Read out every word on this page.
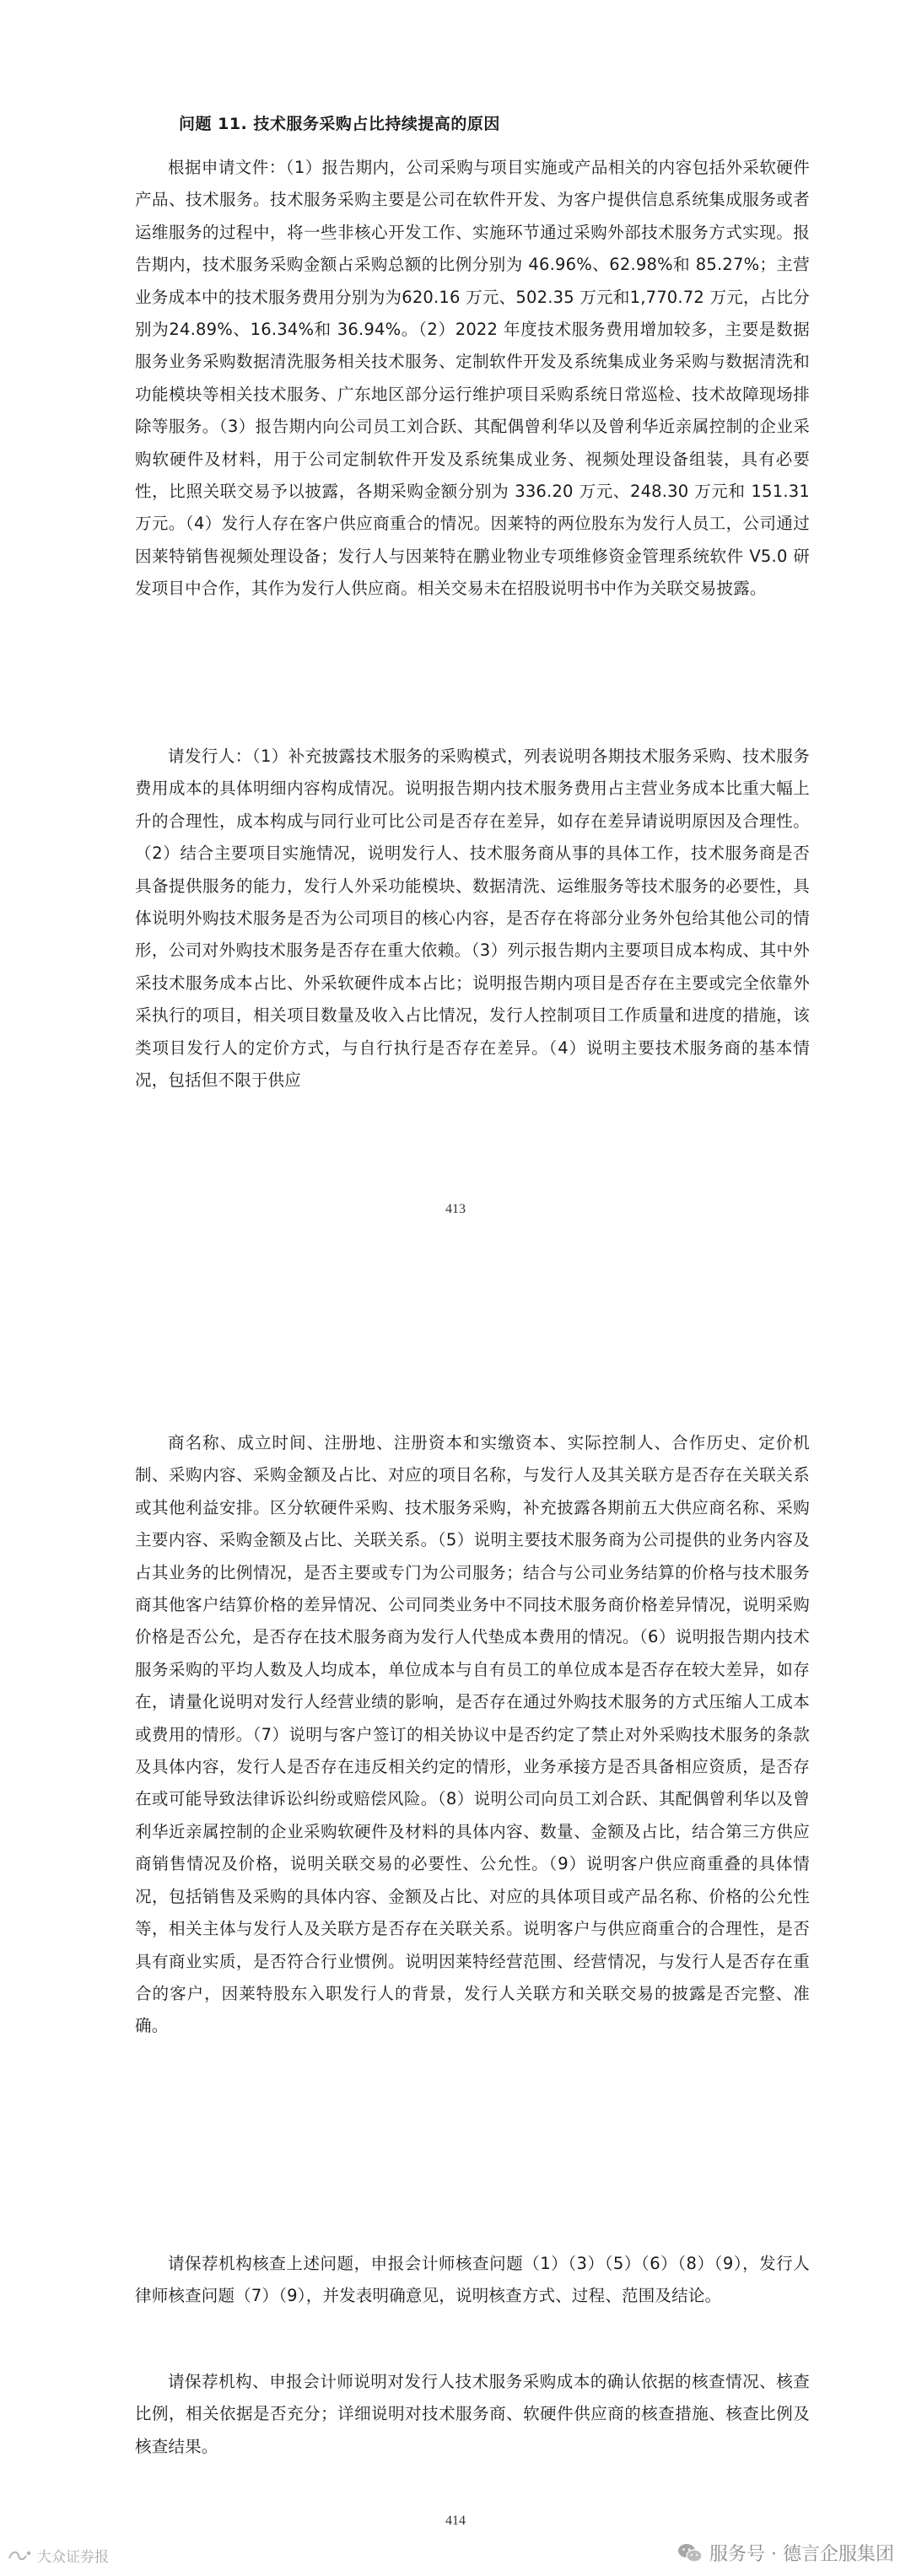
问题 11. 技术服务采购占比持续提高的原因

根据申请文件：（1）报告期内，公司采购与项目实施或产品相关的内容包括外采软硬件产品、技术服务。技术服务采购主要是公司在软件开发、为客户提供信息系统集成服务或者运维服务的过程中，将一些非核心开发工作、实施环节通过采购外部技术服务方式实现。报告期内，技术服务采购金额占采购总额的比例分别为 46.96%、62.98%和 85.27%；主营业务成本中的技术服务费用分别为为620.16 万元、502.35 万元和1,770.72 万元，占比分别为24.89%、16.34%和 36.94%。（2）2022 年度技术服务费用增加较多，主要是数据服务业务采购数据清洗服务相关技术服务、定制软件开发及系统集成业务采购与数据清洗和功能模块等相关技术服务、广东地区部分运行维护项目采购系统日常巡检、技术故障现场排除等服务。（3）报告期内向公司员工刘合跃、其配偶曾利华以及曾利华近亲属控制的企业采购软硬件及材料，用于公司定制软件开发及系统集成业务、视频处理设备组装，具有必要性，比照关联交易予以披露，各期采购金额分别为 336.20 万元、248.30 万元和 151.31 万元。（4）发行人存在客户供应商重合的情况。因莱特的两位股东为发行人员工，公司通过因莱特销售视频处理设备；发行人与因莱特在鹏业物业专项维修资金管理系统软件 V5.0 研发项目中合作，其作为发行人供应商。相关交易未在招股说明书中作为关联交易披露。

请发行人：（1）补充披露技术服务的采购模式，列表说明各期技术服务采购、技术服务费用成本的具体明细内容构成情况。说明报告期内技术服务费用占主营业务成本比重大幅上升的合理性，成本构成与同行业可比公司是否存在差异，如存在差异请说明原因及合理性。（2）结合主要项目实施情况，说明发行人、技术服务商从事的具体工作，技术服务商是否具备提供服务的能力，发行人外采功能模块、数据清洗、运维服务等技术服务的必要性，具体说明外购技术服务是否为公司项目的核心内容，是否存在将部分业务外包给其他公司的情形，公司对外购技术服务是否存在重大依赖。（3）列示报告期内主要项目成本构成、其中外采技术服务成本占比、外采软硬件成本占比；说明报告期内项目是否存在主要或完全依靠外采执行的项目，相关项目数量及收入占比情况，发行人控制项目工作质量和进度的措施，该类项目发行人的定价方式，与自行执行是否存在差异。（4）说明主要技术服务商的基本情况，包括但不限于供应

413

商名称、成立时间、注册地、注册资本和实缴资本、实际控制人、合作历史、定价机制、采购内容、采购金额及占比、对应的项目名称，与发行人及其关联方是否存在关联关系或其他利益安排。区分软硬件采购、技术服务采购，补充披露各期前五大供应商名称、采购主要内容、采购金额及占比、关联关系。（5）说明主要技术服务商为公司提供的业务内容及占其业务的比例情况，是否主要或专门为公司服务；结合与公司业务结算的价格与技术服务商其他客户结算价格的差异情况、公司同类业务中不同技术服务商价格差异情况，说明采购价格是否公允，是否存在技术服务商为发行人代垫成本费用的情况。（6）说明报告期内技术服务采购的平均人数及人均成本，单位成本与自有员工的单位成本是否存在较大差异，如存在，请量化说明对发行人经营业绩的影响，是否存在通过外购技术服务的方式压缩人工成本或费用的情形。（7）说明与客户签订的相关协议中是否约定了禁止对外采购技术服务的条款及具体内容，发行人是否存在违反相关约定的情形，业务承接方是否具备相应资质，是否存在或可能导致法律诉讼纠纷或赔偿风险。（8）说明公司向员工刘合跃、其配偶曾利华以及曾利华近亲属控制的企业采购软硬件及材料的具体内容、数量、金额及占比，结合第三方供应商销售情况及价格，说明关联交易的必要性、公允性。（9）说明客户供应商重叠的具体情况，包括销售及采购的具体内容、金额及占比、对应的具体项目或产品名称、价格的公允性等，相关主体与发行人及关联方是否存在关联关系。说明客户与供应商重合的合理性，是否具有商业实质，是否符合行业惯例。说明因莱特经营范围、经营情况，与发行人是否存在重合的客户，因莱特股东入职发行人的背景，发行人关联方和关联交易的披露是否完整、准确。

请保荐机构核查上述问题，申报会计师核查问题（1）（3）（5）（6）（8）（9），发行人律师核查问题（7）（9），并发表明确意见，说明核查方式、过程、范围及结论。

请保荐机构、申报会计师说明对发行人技术服务采购成本的确认依据的核查情况、核查比例，相关依据是否充分；详细说明对技术服务商、软硬件供应商的核查措施、核查比例及核查结果。

414
大众证券报	服务号 · 德言企服集团
